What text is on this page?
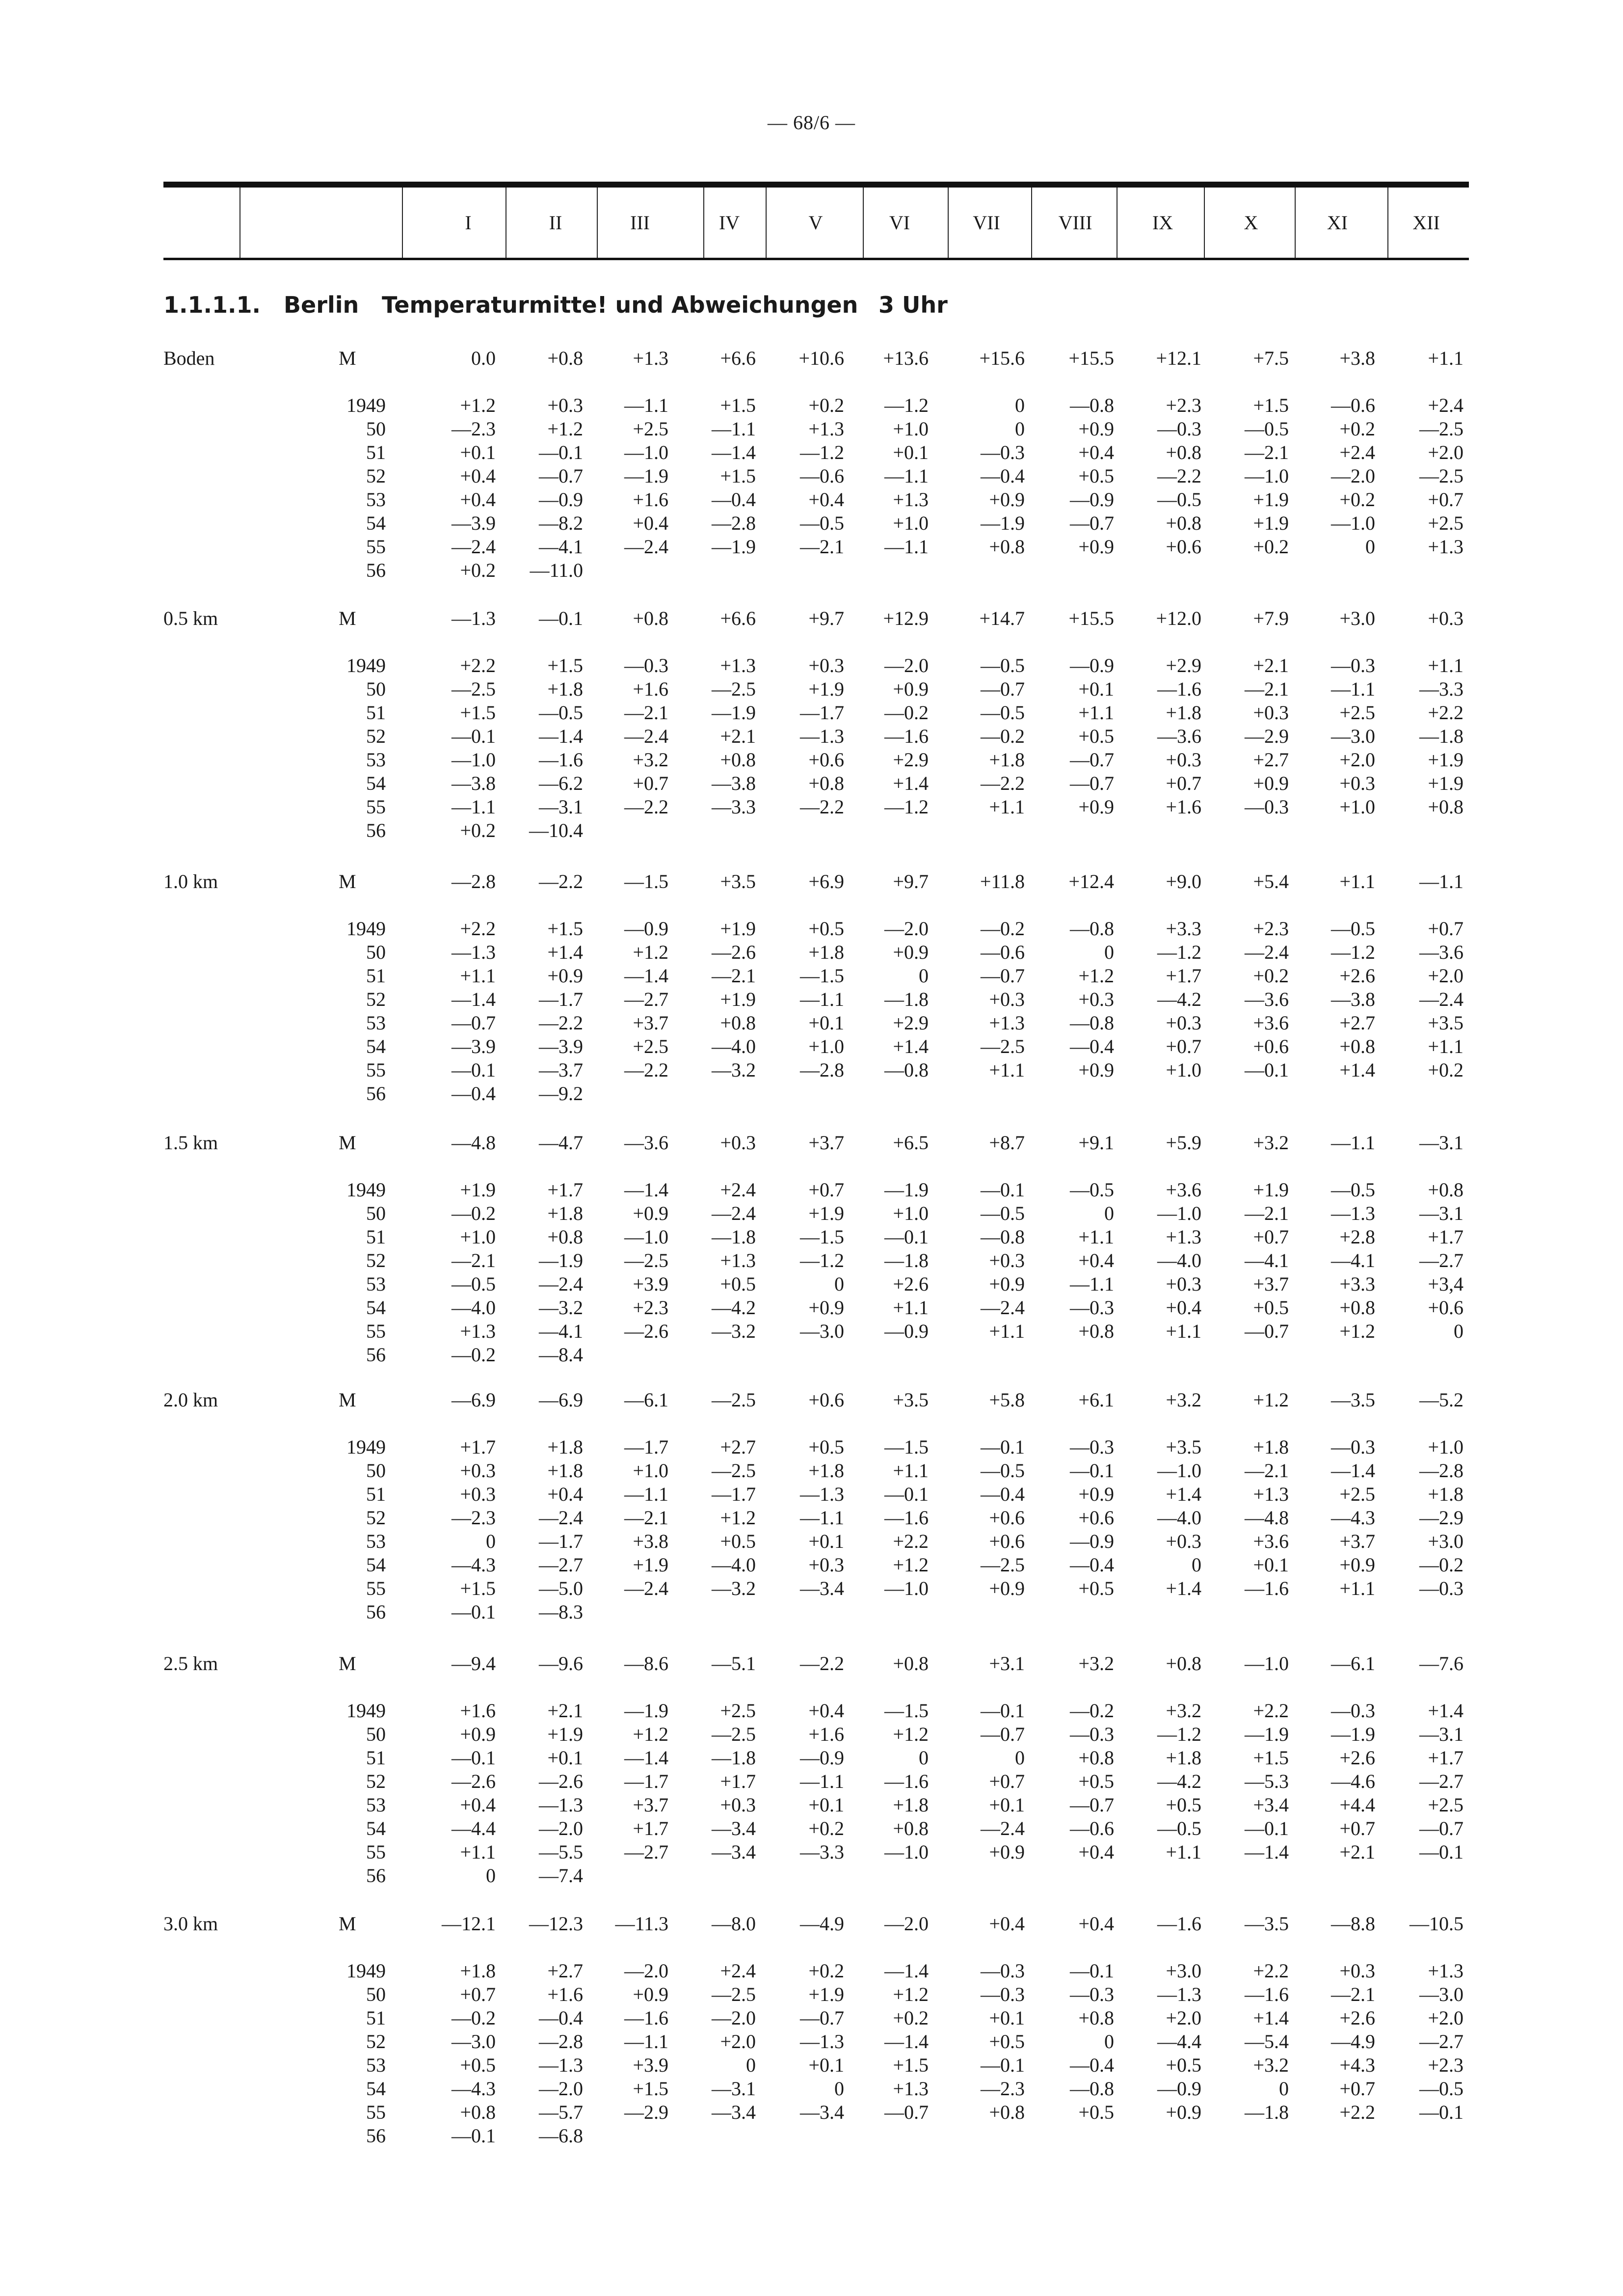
— 68/6 —
I	II	III	IV	V	VI	VII	VIII	IX	X	XI	XII
1.1.1.1. Berlin Temperaturmitte! und Abweichungen 3 Uhr
Boden	M	0.0	+0.8	+1.3	+6.6	+10.6	+13.6	+15.6	+15.5	+12.1	+7.5	+3.8	+1.1
1949	+1.2	+0.3	—1.1	+1.5	+0.2	—1.2	0	—0.8	+2.3	+1.5	—0.6	+2.4
50	—2.3	+1.2	+2.5	—1.1	+1.3	+1.0	0	+0.9	—0.3	—0.5	+0.2	—2.5
51	+0.1	—0.1	—1.0	—1.4	—1.2	+0.1	—0.3	+0.4	+0.8	—2.1	+2.4	+2.0
52	+0.4	—0.7	—1.9	+1.5	—0.6	—1.1	—0.4	+0.5	—2.2	—1.0	—2.0	—2.5
53	+0.4	—0.9	+1.6	—0.4	+0.4	+1.3	+0.9	—0.9	—0.5	+1.9	+0.2	+0.7
54	—3.9	—8.2	+0.4	—2.8	—0.5	+1.0	—1.9	—0.7	+0.8	+1.9	—1.0	+2.5
55	—2.4	—4.1	—2.4	—1.9	—2.1	—1.1	+0.8	+0.9	+0.6	+0.2	0	+1.3
56	+0.2	—11.0
0.5 km	M	—1.3	—0.1	+0.8	+6.6	+9.7	+12.9	+14.7	+15.5	+12.0	+7.9	+3.0	+0.3
1949	+2.2	+1.5	—0.3	+1.3	+0.3	—2.0	—0.5	—0.9	+2.9	+2.1	—0.3	+1.1
50	—2.5	+1.8	+1.6	—2.5	+1.9	+0.9	—0.7	+0.1	—1.6	—2.1	—1.1	—3.3
51	+1.5	—0.5	—2.1	—1.9	—1.7	—0.2	—0.5	+1.1	+1.8	+0.3	+2.5	+2.2
52	—0.1	—1.4	—2.4	+2.1	—1.3	—1.6	—0.2	+0.5	—3.6	—2.9	—3.0	—1.8
53	—1.0	—1.6	+3.2	+0.8	+0.6	+2.9	+1.8	—0.7	+0.3	+2.7	+2.0	+1.9
54	—3.8	—6.2	+0.7	—3.8	+0.8	+1.4	—2.2	—0.7	+0.7	+0.9	+0.3	+1.9
55	—1.1	—3.1	—2.2	—3.3	—2.2	—1.2	+1.1	+0.9	+1.6	—0.3	+1.0	+0.8
56	+0.2	—10.4
1.0 km	M	—2.8	—2.2	—1.5	+3.5	+6.9	+9.7	+11.8	+12.4	+9.0	+5.4	+1.1	—1.1
1949	+2.2	+1.5	—0.9	+1.9	+0.5	—2.0	—0.2	—0.8	+3.3	+2.3	—0.5	+0.7
50	—1.3	+1.4	+1.2	—2.6	+1.8	+0.9	—0.6	0	—1.2	—2.4	—1.2	—3.6
51	+1.1	+0.9	—1.4	—2.1	—1.5	0	—0.7	+1.2	+1.7	+0.2	+2.6	+2.0
52	—1.4	—1.7	—2.7	+1.9	—1.1	—1.8	+0.3	+0.3	—4.2	—3.6	—3.8	—2.4
53	—0.7	—2.2	+3.7	+0.8	+0.1	+2.9	+1.3	—0.8	+0.3	+3.6	+2.7	+3.5
54	—3.9	—3.9	+2.5	—4.0	+1.0	+1.4	—2.5	—0.4	+0.7	+0.6	+0.8	+1.1
55	—0.1	—3.7	—2.2	—3.2	—2.8	—0.8	+1.1	+0.9	+1.0	—0.1	+1.4	+0.2
56	—0.4	—9.2
1.5 km	M	—4.8	—4.7	—3.6	+0.3	+3.7	+6.5	+8.7	+9.1	+5.9	+3.2	—1.1	—3.1
1949	+1.9	+1.7	—1.4	+2.4	+0.7	—1.9	—0.1	—0.5	+3.6	+1.9	—0.5	+0.8
50	—0.2	+1.8	+0.9	—2.4	+1.9	+1.0	—0.5	0	—1.0	—2.1	—1.3	—3.1
51	+1.0	+0.8	—1.0	—1.8	—1.5	—0.1	—0.8	+1.1	+1.3	+0.7	+2.8	+1.7
52	—2.1	—1.9	—2.5	+1.3	—1.2	—1.8	+0.3	+0.4	—4.0	—4.1	—4.1	—2.7
53	—0.5	—2.4	+3.9	+0.5	0	+2.6	+0.9	—1.1	+0.3	+3.7	+3.3	+3,4
54	—4.0	—3.2	+2.3	—4.2	+0.9	+1.1	—2.4	—0.3	+0.4	+0.5	+0.8	+0.6
55	+1.3	—4.1	—2.6	—3.2	—3.0	—0.9	+1.1	+0.8	+1.1	—0.7	+1.2	0
56	—0.2	—8.4
2.0 km	M	—6.9	—6.9	—6.1	—2.5	+0.6	+3.5	+5.8	+6.1	+3.2	+1.2	—3.5	—5.2
1949	+1.7	+1.8	—1.7	+2.7	+0.5	—1.5	—0.1	—0.3	+3.5	+1.8	—0.3	+1.0
50	+0.3	+1.8	+1.0	—2.5	+1.8	+1.1	—0.5	—0.1	—1.0	—2.1	—1.4	—2.8
51	+0.3	+0.4	—1.1	—1.7	—1.3	—0.1	—0.4	+0.9	+1.4	+1.3	+2.5	+1.8
52	—2.3	—2.4	—2.1	+1.2	—1.1	—1.6	+0.6	+0.6	—4.0	—4.8	—4.3	—2.9
53	0	—1.7	+3.8	+0.5	+0.1	+2.2	+0.6	—0.9	+0.3	+3.6	+3.7	+3.0
54	—4.3	—2.7	+1.9	—4.0	+0.3	+1.2	—2.5	—0.4	0	+0.1	+0.9	—0.2
55	+1.5	—5.0	—2.4	—3.2	—3.4	—1.0	+0.9	+0.5	+1.4	—1.6	+1.1	—0.3
56	—0.1	—8.3
2.5 km	M	—9.4	—9.6	—8.6	—5.1	—2.2	+0.8	+3.1	+3.2	+0.8	—1.0	—6.1	—7.6
1949	+1.6	+2.1	—1.9	+2.5	+0.4	—1.5	—0.1	—0.2	+3.2	+2.2	—0.3	+1.4
50	+0.9	+1.9	+1.2	—2.5	+1.6	+1.2	—0.7	—0.3	—1.2	—1.9	—1.9	—3.1
51	—0.1	+0.1	—1.4	—1.8	—0.9	0	0	+0.8	+1.8	+1.5	+2.6	+1.7
52	—2.6	—2.6	—1.7	+1.7	—1.1	—1.6	+0.7	+0.5	—4.2	—5.3	—4.6	—2.7
53	+0.4	—1.3	+3.7	+0.3	+0.1	+1.8	+0.1	—0.7	+0.5	+3.4	+4.4	+2.5
54	—4.4	—2.0	+1.7	—3.4	+0.2	+0.8	—2.4	—0.6	—0.5	—0.1	+0.7	—0.7
55	+1.1	—5.5	—2.7	—3.4	—3.3	—1.0	+0.9	+0.4	+1.1	—1.4	+2.1	—0.1
56	0	—7.4
3.0 km	M	—12.1	—12.3	—11.3	—8.0	—4.9	—2.0	+0.4	+0.4	—1.6	—3.5	—8.8	—10.5
1949	+1.8	+2.7	—2.0	+2.4	+0.2	—1.4	—0.3	—0.1	+3.0	+2.2	+0.3	+1.3
50	+0.7	+1.6	+0.9	—2.5	+1.9	+1.2	—0.3	—0.3	—1.3	—1.6	—2.1	—3.0
51	—0.2	—0.4	—1.6	—2.0	—0.7	+0.2	+0.1	+0.8	+2.0	+1.4	+2.6	+2.0
52	—3.0	—2.8	—1.1	+2.0	—1.3	—1.4	+0.5	0	—4.4	—5.4	—4.9	—2.7
53	+0.5	—1.3	+3.9	0	+0.1	+1.5	—0.1	—0.4	+0.5	+3.2	+4.3	+2.3
54	—4.3	—2.0	+1.5	—3.1	0	+1.3	—2.3	—0.8	—0.9	0	+0.7	—0.5
55	+0.8	—5.7	—2.9	—3.4	—3.4	—0.7	+0.8	+0.5	+0.9	—1.8	+2.2	—0.1
56	—0.1	—6.8
